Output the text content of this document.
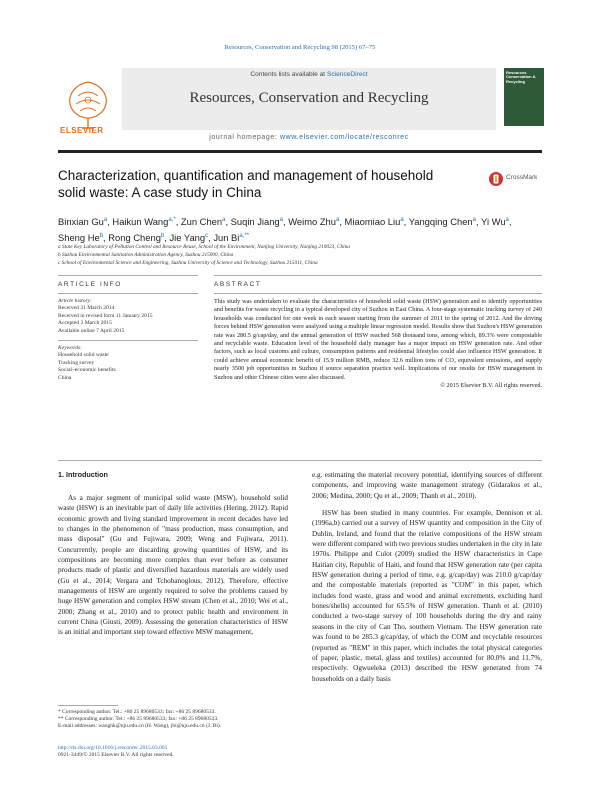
Resources, Conservation and Recycling 98 (2015) 67–75
ELSEVIER
Contents lists available at ScienceDirect
Resources, Conservation and Recycling
journal homepage: www.elsevier.com/locate/resconrec
Resources Conservation & Recycling
Characterization, quantification and management of household solid waste: A case study in China
CrossMark
Binxian Gu$^a$, Haikun Wang$^{a,*}$, Zun Chen$^a$, Suqin Jiang$^a$, Weimo Zhu$^a$, Miaomiao Liu$^a$, Yangqing Chen$^a$, Yi Wu$^a$, Sheng He$^b$, Rong Cheng$^b$, Jie Yang$^c$, Jun $Bi^{a,**}$
a State Key Laboratory of Pollution Control and Resource Reuse, School of the Environment, Nanjing University, Nanjing 210023, China
b Suzhou Environmental Sanitation Administration Agency, Suzhou 215000, China
c School of Environmental Science and Engineering, Suzhou University of Science and Technology, Suzhou 215011, China
ARTICLE INFO
Article history:
Received 31 March 2014
Received in revised form 11 January 2015
Accepted 3 March 2015
Available online 7 April 2015
Keywords:
Household solid waste
Tracking survey
Social–economic benefits
China
ABSTRACT
This study was undertaken to evaluate the characteristics of household solid waste (HSW) generation and to identify opportunities and benefits for waste recycling in a typical developed city of Suzhou in East China. A four-stage systematic tracking survey of 240 households was conducted for one week in each season starting from the summer of 2011 to the spring of 2012. And the driving forces behind HSW generation were analyzed using a multiple linear regression model. Results show that Suzhou's HSW generation rate was 280.5 g/cap/day, and the annual generation of HSW reached 568 thousand tons, among which, 89.3% were compostable and recyclable waste. Education level of the household daily manager has a major impact on HSW generation rate. And other factors, such as local customs and culture, consumption patterns and residential lifestyles could also influence HSW generation. It could achieve annual economic benefit of 15.9 million RMB, reduce 32.6 million tons of CO₂ equivalent emissions, and supply nearly 3500 job opportunities in Suzhou if source separation practice well. Implications of our results for HSW management in Suzhou and other Chinese cities were also discussed.
© 2015 Elsevier B.V. All rights reserved.
1. Introduction
As a major segment of municipal solid waste (MSW), household solid waste (HSW) is an inevitable part of daily life activities (Hering, 2012). Rapid economic growth and living standard improvement in recent decades have led to changes in the phenomenon of "mass production, mass consumption, and mass disposal" (Gu and Fujiwara, 2009; Weng and Fujiwara, 2011). Concurrently, people are discarding growing quantities of HSW, and its compositions are becoming more complex than ever before as consumer products made of plastic and diversified hazardous materials are widely used (Gu et al., 2014; Vergara and Tchobanoglous, 2012). Therefore, effective managements of HSW are urgently required to solve the problems caused by huge HSW generation and complex HSW stream (Chen et al., 2010; Wei et al., 2000; Zhang et al., 2010) and to protect public health and environment in current China (Giusti, 2009). Assessing the generation characteristics of HSW is an initial and important step toward effective MSW management,
e.g. estimating the material recovery potential, identifying sources of different components, and improving waste management strategy (Gidarakos et al., 2006; Medina, 2000; Qu et al., 2009; Thanh et al., 2010).
HSW has been studied in many countries. For example, Dennison et al. (1996a,b) carried out a survey of HSW quantity and composition in the City of Dublin, Ireland, and found that the relative compositions of the HSW stream were different compared with two previous studies undertaken in the city in late 1970s. Philippe and Culot (2009) studied the HSW characteristics in Cape Haitian city, Republic of Haiti, and found that HSW generation rate (per capita HSW generation during a period of time, e.g. g/cap/day) was 210.0 g/cap/day and the compostable materials (reported as "COM" in this paper, which includes food waste, grass and wood and animal excrements, excluding hard bones/shells) accounted for 65.5% of HSW generation. Thanh et al. (2010) conducted a two-stage survey of 100 households during the dry and rainy seasons in the city of Can Tho, southern Vietnam. The HSW generation rate was found to be 285.3 g/cap/day, of which the COM and recyclable resources (reported as "REM" in this paper, which includes the total physical categories of paper, plastic, metal, glass and textiles) accounted for 80.0% and 11.7%, respectively. Ogwueleka (2013) described the HSW generated from 74 households on a daily basis
* Corresponding author. Tel.: +86 25 89680533; fax: +86 25 89680533.
** Corresponding author. Tel.: +86 25 89680533; fax: +86 25 89680533.
E-mail addresses: wanghk@nju.edu.cn (H. Wang), jbi@nju.edu.cn (J. Bi).
http://dx.doi.org/10.1016/j.resconrec.2015.03.001
0921-3449/© 2015 Elsevier B.V. All rights reserved.
